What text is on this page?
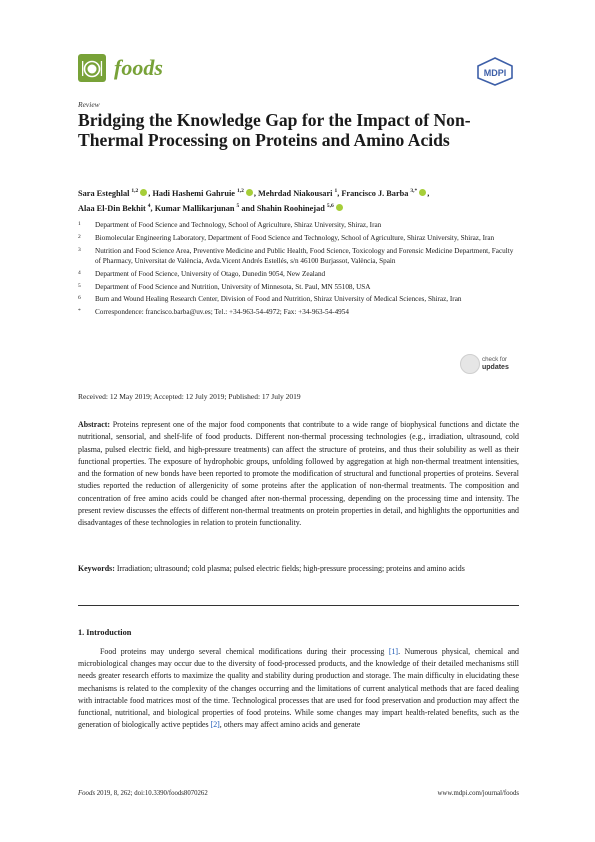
foods	MDPI
Review
Bridging the Knowledge Gap for the Impact of Non-Thermal Processing on Proteins and Amino Acids
Sara Esteghlal $^{1,2}$ , Hadi Hashemi Gahruie $^{1,2}$ , Mehrdad Niakousari $^1$, Francisco J. Barba $^{3,*}$ ,
Alaa El-Din Bekhit $^4$, Kumar Mallikarjunan $^5$ and Shahin Roohinejad $^{5,6}$
1 Department of Food Science and Technology, School of Agriculture, Shiraz University, Shiraz, Iran
2 Biomolecular Engineering Laboratory, Department of Food Science and Technology, School of Agriculture, Shiraz University, Shiraz, Iran
3 Nutrition and Food Science Area, Preventive Medicine and Public Health, Food Science, Toxicology and Forensic Medicine Department, Faculty of Pharmacy, Universitat de València, Avda.Vicent Andrés Estellés, s/n 46100 Burjassot, València, Spain
4 Department of Food Science, University of Otago, Dunedin 9054, New Zealand
5 Department of Food Science and Nutrition, University of Minnesota, St. Paul, MN 55108, USA
6 Burn and Wound Healing Research Center, Division of Food and Nutrition, Shiraz University of Medical Sciences, Shiraz, Iran
* Correspondence: francisco.barba@uv.es; Tel.: +34-963-54-4972; Fax: +34-963-54-4954
check for
updates
Received: 12 May 2019; Accepted: 12 July 2019; Published: 17 July 2019
Abstract: Proteins represent one of the major food components that contribute to a wide range of biophysical functions and dictate the nutritional, sensorial, and shelf-life of food products. Different non-thermal processing technologies (e.g., irradiation, ultrasound, cold plasma, pulsed electric field, and high-pressure treatments) can affect the structure of proteins, and thus their solubility as well as their functional properties. The exposure of hydrophobic groups, unfolding followed by aggregation at high non-thermal treatment intensities, and the formation of new bonds have been reported to promote the modification of structural and functional properties of proteins. Several studies reported the reduction of allergenicity of some proteins after the application of non-thermal treatments. The composition and concentration of free amino acids could be changed after non-thermal processing, depending on the processing time and intensity. The present review discusses the effects of different non-thermal treatments on protein properties in detail, and highlights the opportunities and disadvantages of these technologies in relation to protein functionality.
Keywords: Irradiation; ultrasound; cold plasma; pulsed electric fields; high-pressure processing; proteins and amino acids
1. Introduction
Food proteins may undergo several chemical modifications during their processing [1]. Numerous physical, chemical and microbiological changes may occur due to the diversity of food-processed products, and the knowledge of their detailed mechanisms still needs greater research efforts to maximize the quality and stability during production and storage. The main difficulty in elucidating these mechanisms is related to the complexity of the changes occurring and the limitations of current analytical methods that are faced dealing with intractable food matrices most of the time. Technological processes that are used for food preservation and production may affect the functional, nutritional, and biological properties of food proteins. While some changes may impart health-related benefits, such as the generation of biologically active peptides [2], others may affect amino acids and generate
Foods 2019, 8, 262; doi:10.3390/foods8070262	www.mdpi.com/journal/foods
